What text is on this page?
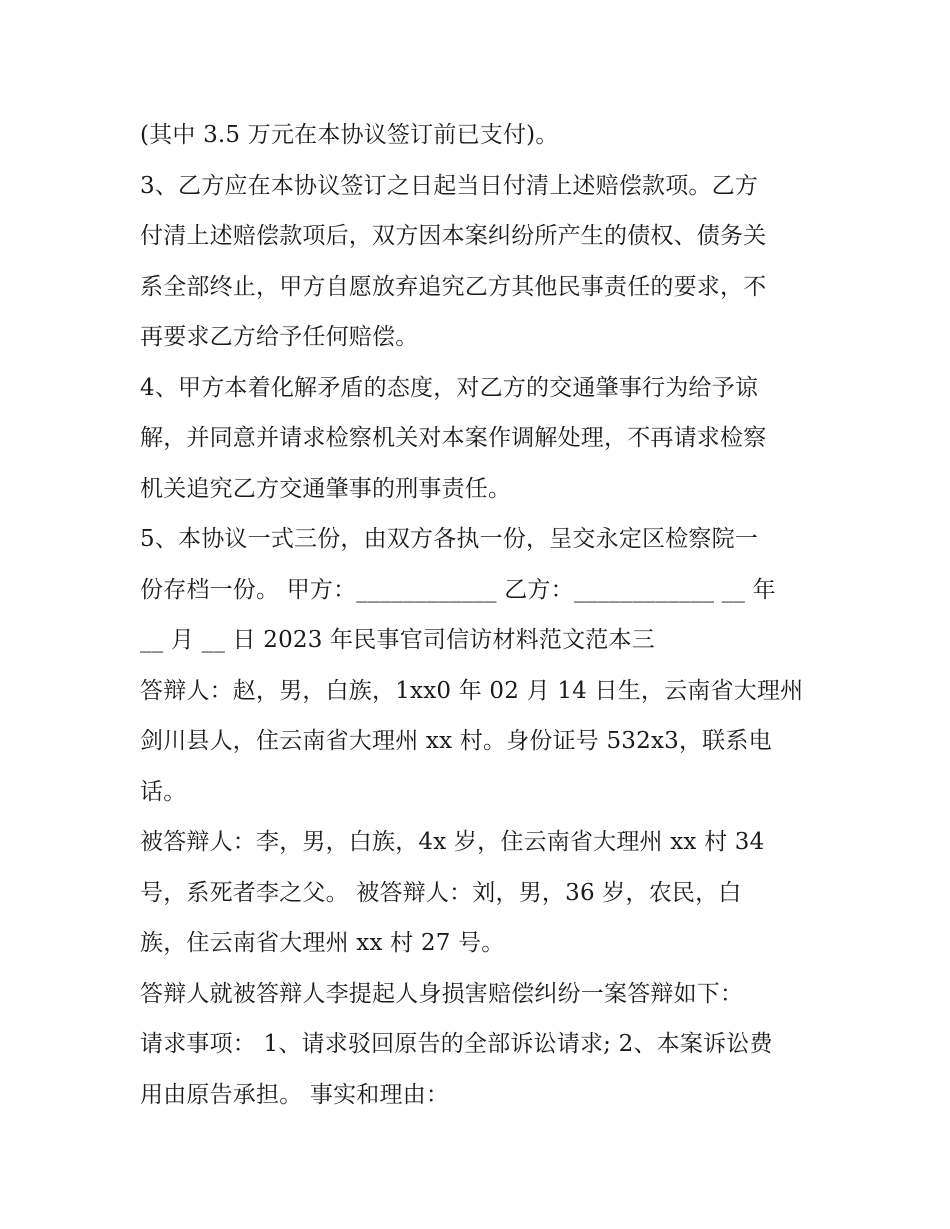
(其中 3.5 万元在本协议签订前已支付)。
3、乙方应在本协议签订之日起当日付清上述赔偿款项。乙方
付清上述赔偿款项后，双方因本案纠纷所产生的债权、债务关
系全部终止，甲方自愿放弃追究乙方其他民事责任的要求，不
再要求乙方给予任何赔偿。
4、甲方本着化解矛盾的态度，对乙方的交通肇事行为给予谅
解，并同意并请求检察机关对本案作调解处理，不再请求检察
机关追究乙方交通肇事的刑事责任。
5、本协议一式三份，由双方各执一份，呈交永定区检察院一
份存档一份。 甲方：____________ 乙方：____________ __ 年
__ 月 __ 日 2023 年民事官司信访材料范文范本三
答辩人：赵，男，白族，1xx0 年 02 月 14 日生，云南省大理州
剑川县人，住云南省大理州 xx 村。身份证号 532x3，联系电
话。
被答辩人：李，男，白族，4x 岁，住云南省大理州 xx 村 34
号，系死者李之父。 被答辩人：刘，男，36 岁，农民，白
族，住云南省大理州 xx 村 27 号。
答辩人就被答辩人李提起人身损害赔偿纠纷一案答辩如下：
请求事项： 1、请求驳回原告的全部诉讼请求; 2、本案诉讼费
用由原告承担。 事实和理由：
